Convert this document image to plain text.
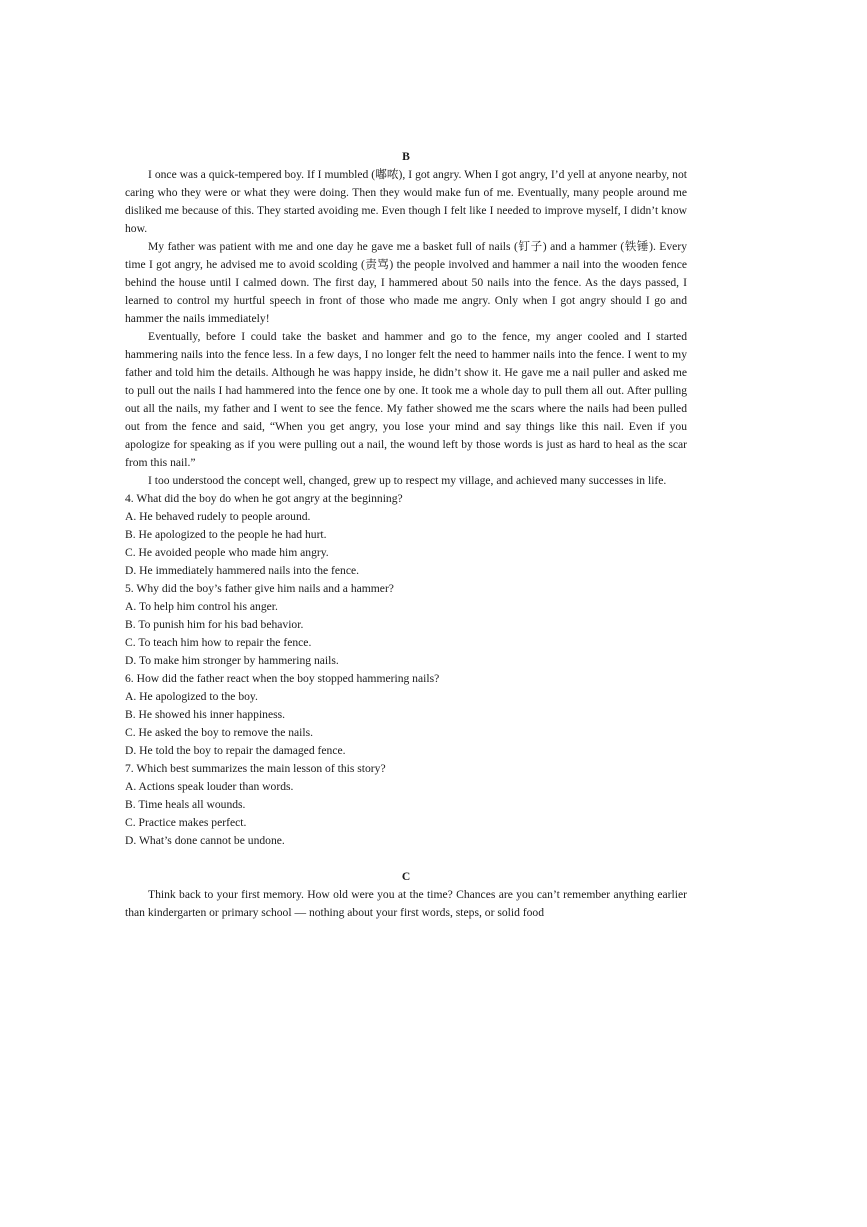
B

I once was a quick-tempered boy. If I mumbled (嘟哝), I got angry. When I got angry, I’d yell at anyone nearby, not caring who they were or what they were doing. Then they would make fun of me. Eventually, many people around me disliked me because of this. They started avoiding me. Even though I felt like I needed to improve myself, I didn’t know how.

My father was patient with me and one day he gave me a basket full of nails (钉子) and a hammer (铁锤). Every time I got angry, he advised me to avoid scolding (责骂) the people involved and hammer a nail into the wooden fence behind the house until I calmed down. The first day, I hammered about 50 nails into the fence. As the days passed, I learned to control my hurtful speech in front of those who made me angry. Only when I got angry should I go and hammer the nails immediately!

Eventually, before I could take the basket and hammer and go to the fence, my anger cooled and I started hammering nails into the fence less. In a few days, I no longer felt the need to hammer nails into the fence. I went to my father and told him the details. Although he was happy inside, he didn’t show it. He gave me a nail puller and asked me to pull out the nails I had hammered into the fence one by one. It took me a whole day to pull them all out. After pulling out all the nails, my father and I went to see the fence. My father showed me the scars where the nails had been pulled out from the fence and said, “When you get angry, you lose your mind and say things like this nail. Even if you apologize for speaking as if you were pulling out a nail, the wound left by those words is just as hard to heal as the scar from this nail.”

I too understood the concept well, changed, grew up to respect my village, and achieved many successes in life.

4. What did the boy do when he got angry at the beginning?

A. He behaved rudely to people around.

B. He apologized to the people he had hurt.

C. He avoided people who made him angry.

D. He immediately hammered nails into the fence.

5. Why did the boy’s father give him nails and a hammer?

A. To help him control his anger.

B. To punish him for his bad behavior.

C. To teach him how to repair the fence.

D. To make him stronger by hammering nails.

6. How did the father react when the boy stopped hammering nails?

A. He apologized to the boy.

B. He showed his inner happiness.

C. He asked the boy to remove the nails.

D. He told the boy to repair the damaged fence.

7. Which best summarizes the main lesson of this story?

A. Actions speak louder than words.

B. Time heals all wounds.

C. Practice makes perfect.

D. What’s done cannot be undone.

C

Think back to your first memory. How old were you at the time? Chances are you can’t remember anything earlier than kindergarten or primary school — nothing about your first words, steps, or solid food
